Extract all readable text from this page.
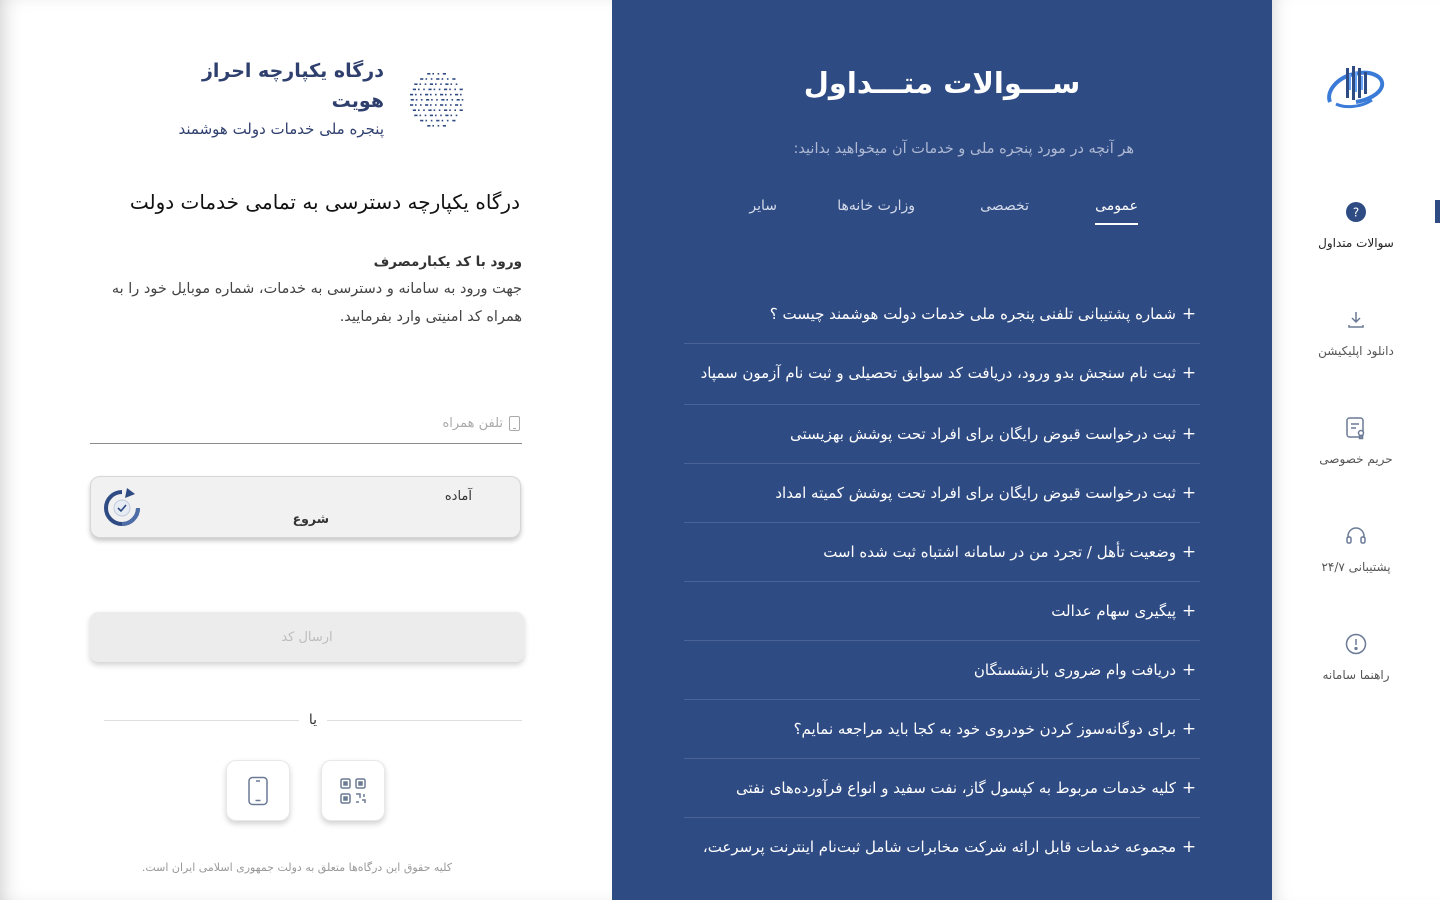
درگاه یکپارچه احراز هویت
پنجره ملی خدمات دولت هوشمند
درگاه یکپارچه دسترسی به تمامی خدمات دولت
ورود با کد یکبارمصرف
جهت ورود به سامانه و دسترسی به خدمات، شماره موبایل خود را به همراه کد امنیتی وارد بفرمایید.
تلفن همراه
آماده
شروع
ارسال کد
یا
کلیه حقوق این درگاه‌ها متعلق به دولت جمهوری اسلامی ایران است.
ســـوالات متـــداول
هر آنچه در مورد پنجره ملی و خدمات آن میخواهید بدانید:
عمومی
تخصصی
وزارت خانه‌ها
سایر
+
شماره پشتیبانی تلفنی پنجره ملی خدمات دولت هوشمند چیست ؟
+
ثبت نام سنجش بدو ورود، دریافت کد سوابق تحصیلی و ثبت نام آزمون سمپاد
+
ثبت درخواست قبوض رایگان برای افراد تحت پوشش بهزیستی
+
ثبت درخواست قبوض رایگان برای افراد تحت پوشش کمیته امداد
+
وضعیت تأهل / تجرد من در سامانه اشتباه ثبت شده است
+
پیگیری سهام عدالت
+
دریافت وام ضروری بازنشستگان
+
برای دوگانه‌سوز کردن خودروی خود به کجا باید مراجعه نمایم؟
+
کلیه خدمات مربوط به کپسول گاز، نفت سفید و انواع فرآورده‌های نفتی
+
مجموعه خدمات قابل ارائه شرکت مخابرات شامل ثبت‌نام اینترنت پرسرعت،
?
سوالات متداول
دانلود اپلیکیشن
حریم خصوصی
پشتیبانی ۲۴/۷
راهنما سامانه
